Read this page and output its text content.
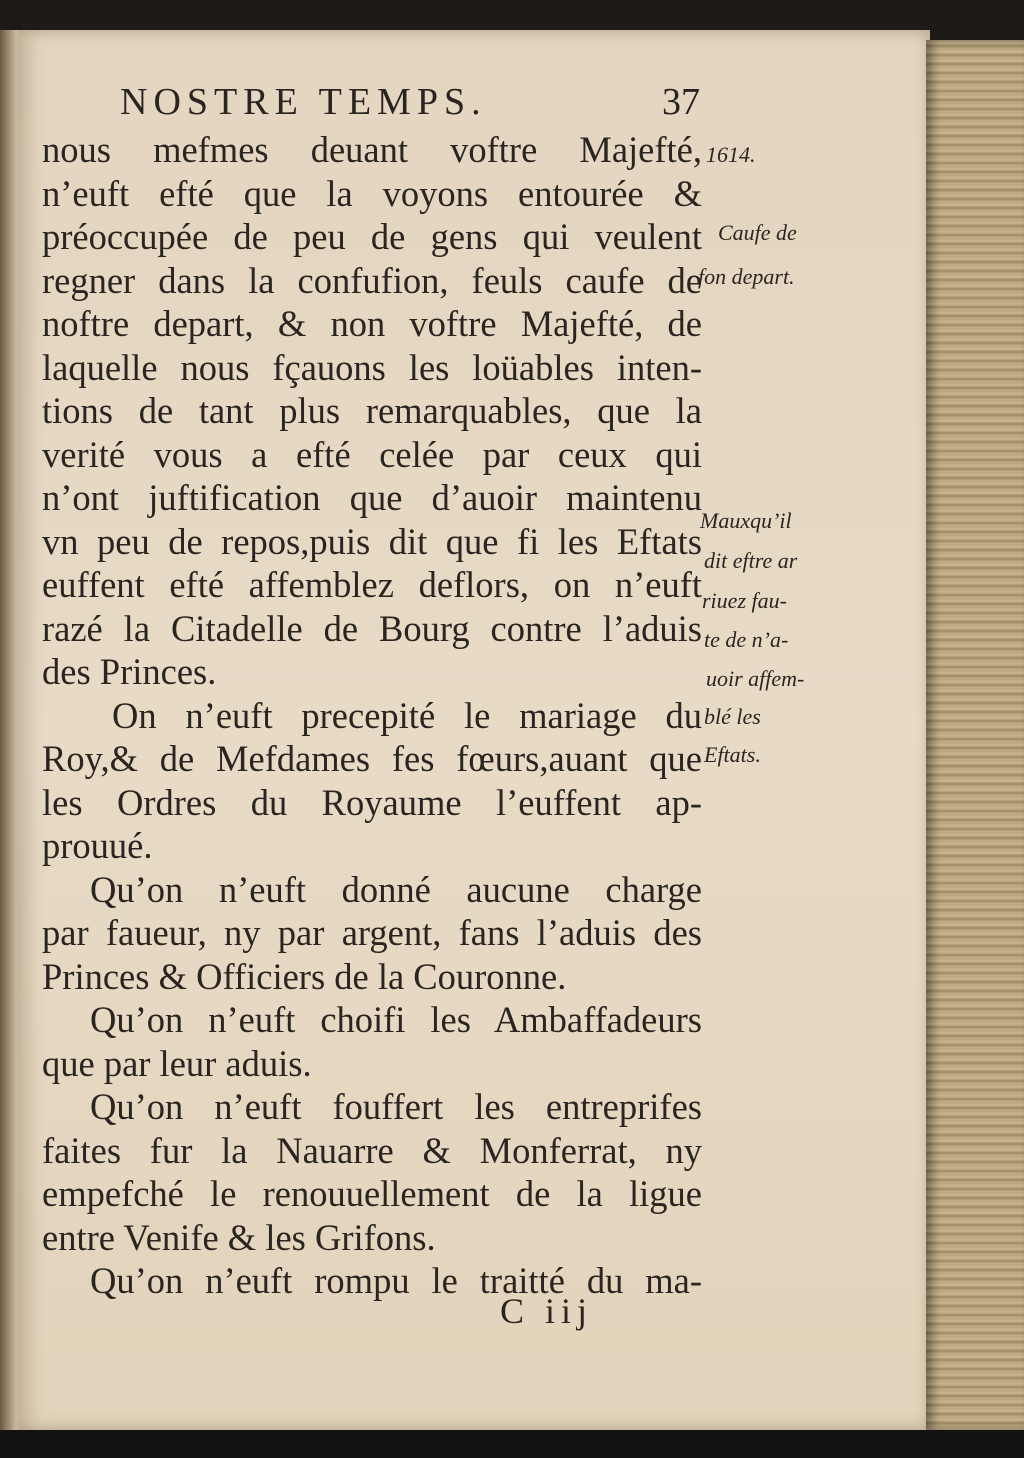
NOSTRE TEMPS.	37
nous mefmes deuant voftre Majefté,
n’euft efté que la voyons entourée &
préoccupée de peu de gens qui veulent
regner dans la confufion, feuls caufe de
noftre depart, & non voftre Majefté, de
laquelle nous fçauons les loüables inten-
tions de tant plus remarquables, que la
verité vous a efté celée par ceux qui
n’ont juftification que d’auoir maintenu
vn peu de repos,puis dit que fi les Eftats
euffent efté affemblez deflors, on n’euft
razé la Citadelle de Bourg contre l’aduis
des Princes.
On n’euft precepité le mariage du
Roy,& de Mefdames fes fœurs,auant que
les Ordres du Royaume l’euffent ap-
prouué.
Qu’on n’euft donné aucune charge
par faueur, ny par argent, fans l’aduis des
Princes & Officiers de la Couronne.
Qu’on n’euft choifi les Ambaffadeurs
que par leur aduis.
Qu’on n’euft fouffert les entreprifes
faites fur la Nauarre & Monferrat, ny
empefché le renouuellement de la ligue
entre Venife & les Grifons.
Qu’on n’euft rompu le traitté du ma-
1614.
Caufe de
fon depart.
Mauxqu’il
dit eftre ar
riuez fau-
te de n’a-
uoir affem-
blé les
Eftats.
C iij
